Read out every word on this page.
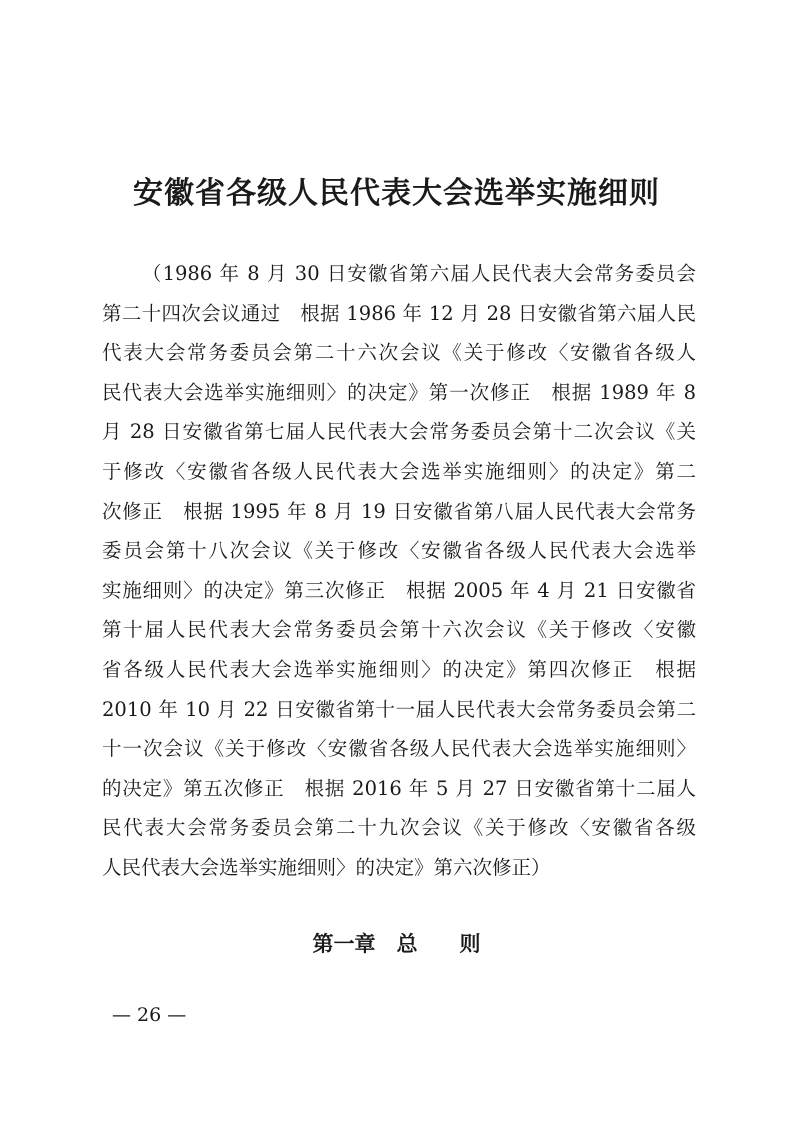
安徽省各级人民代表大会选举实施细则
（1986 年 8 月 30 日安徽省第六届人民代表大会常务委员会
第二十四次会议通过　根据 1986 年 12 月 28 日安徽省第六届人民
代表大会常务委员会第二十六次会议《关于修改〈安徽省各级人
民代表大会选举实施细则〉的决定》第一次修正　根据 1989 年 8
月 28 日安徽省第七届人民代表大会常务委员会第十二次会议《关
于修改〈安徽省各级人民代表大会选举实施细则〉的决定》第二
次修正　根据 1995 年 8 月 19 日安徽省第八届人民代表大会常务
委员会第十八次会议《关于修改〈安徽省各级人民代表大会选举
实施细则〉的决定》第三次修正　根据 2005 年 4 月 21 日安徽省
第十届人民代表大会常务委员会第十六次会议《关于修改〈安徽
省各级人民代表大会选举实施细则〉的决定》第四次修正　根据
2010 年 10 月 22 日安徽省第十一届人民代表大会常务委员会第二
十一次会议《关于修改〈安徽省各级人民代表大会选举实施细则〉
的决定》第五次修正　根据 2016 年 5 月 27 日安徽省第十二届人
民代表大会常务委员会第二十九次会议《关于修改〈安徽省各级
人民代表大会选举实施细则〉的决定》第六次修正）
第一章　总　　则
— 26 —
